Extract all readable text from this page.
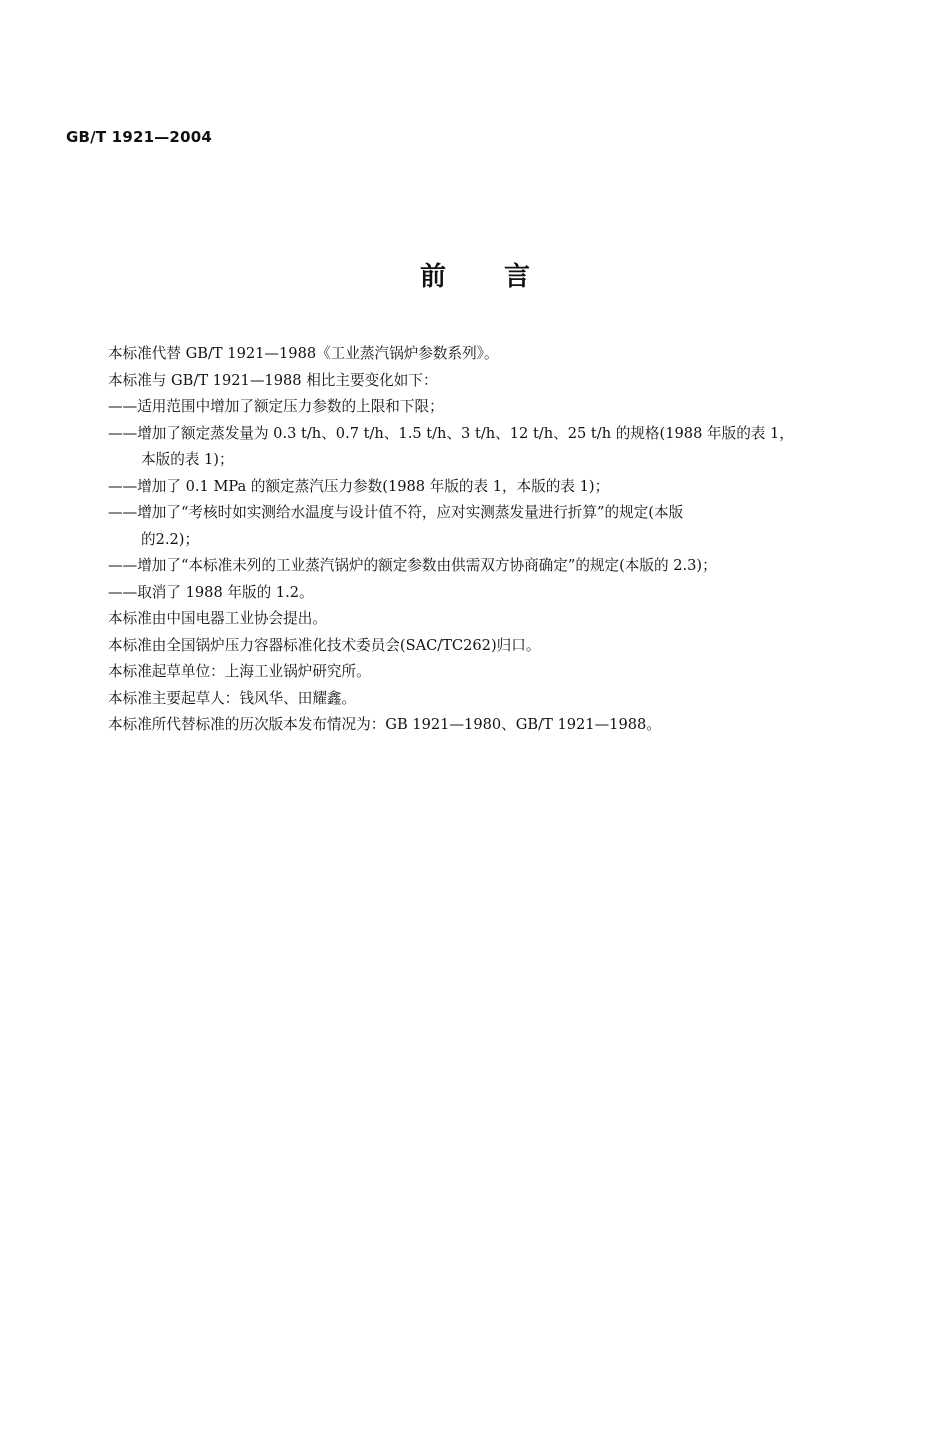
GB/T 1921—2004
前言
本标准代替 GB/T 1921—1988《工业蒸汽锅炉参数系列》。
本标准与 GB/T 1921—1988 相比主要变化如下：
——适用范围中增加了额定压力参数的上限和下限；
——增加了额定蒸发量为 0.3 t/h、0.7 t/h、1.5 t/h、3 t/h、12 t/h、25 t/h 的规格(1988 年版的表 1，
本版的表 1)；
——增加了 0.1 MPa 的额定蒸汽压力参数(1988 年版的表 1，本版的表 1)；
——增加了“考核时如实测给水温度与设计值不符，应对实测蒸发量进行折算”的规定(本版
的2.2)；
——增加了“本标准未列的工业蒸汽锅炉的额定参数由供需双方协商确定”的规定(本版的 2.3)；
——取消了 1988 年版的 1.2。
本标准由中国电器工业协会提出。
本标准由全国锅炉压力容器标准化技术委员会(SAC/TC262)归口。
本标准起草单位：上海工业锅炉研究所。
本标准主要起草人：钱风华、田耀鑫。
本标准所代替标准的历次版本发布情况为：GB 1921—1980、GB/T 1921—1988。
